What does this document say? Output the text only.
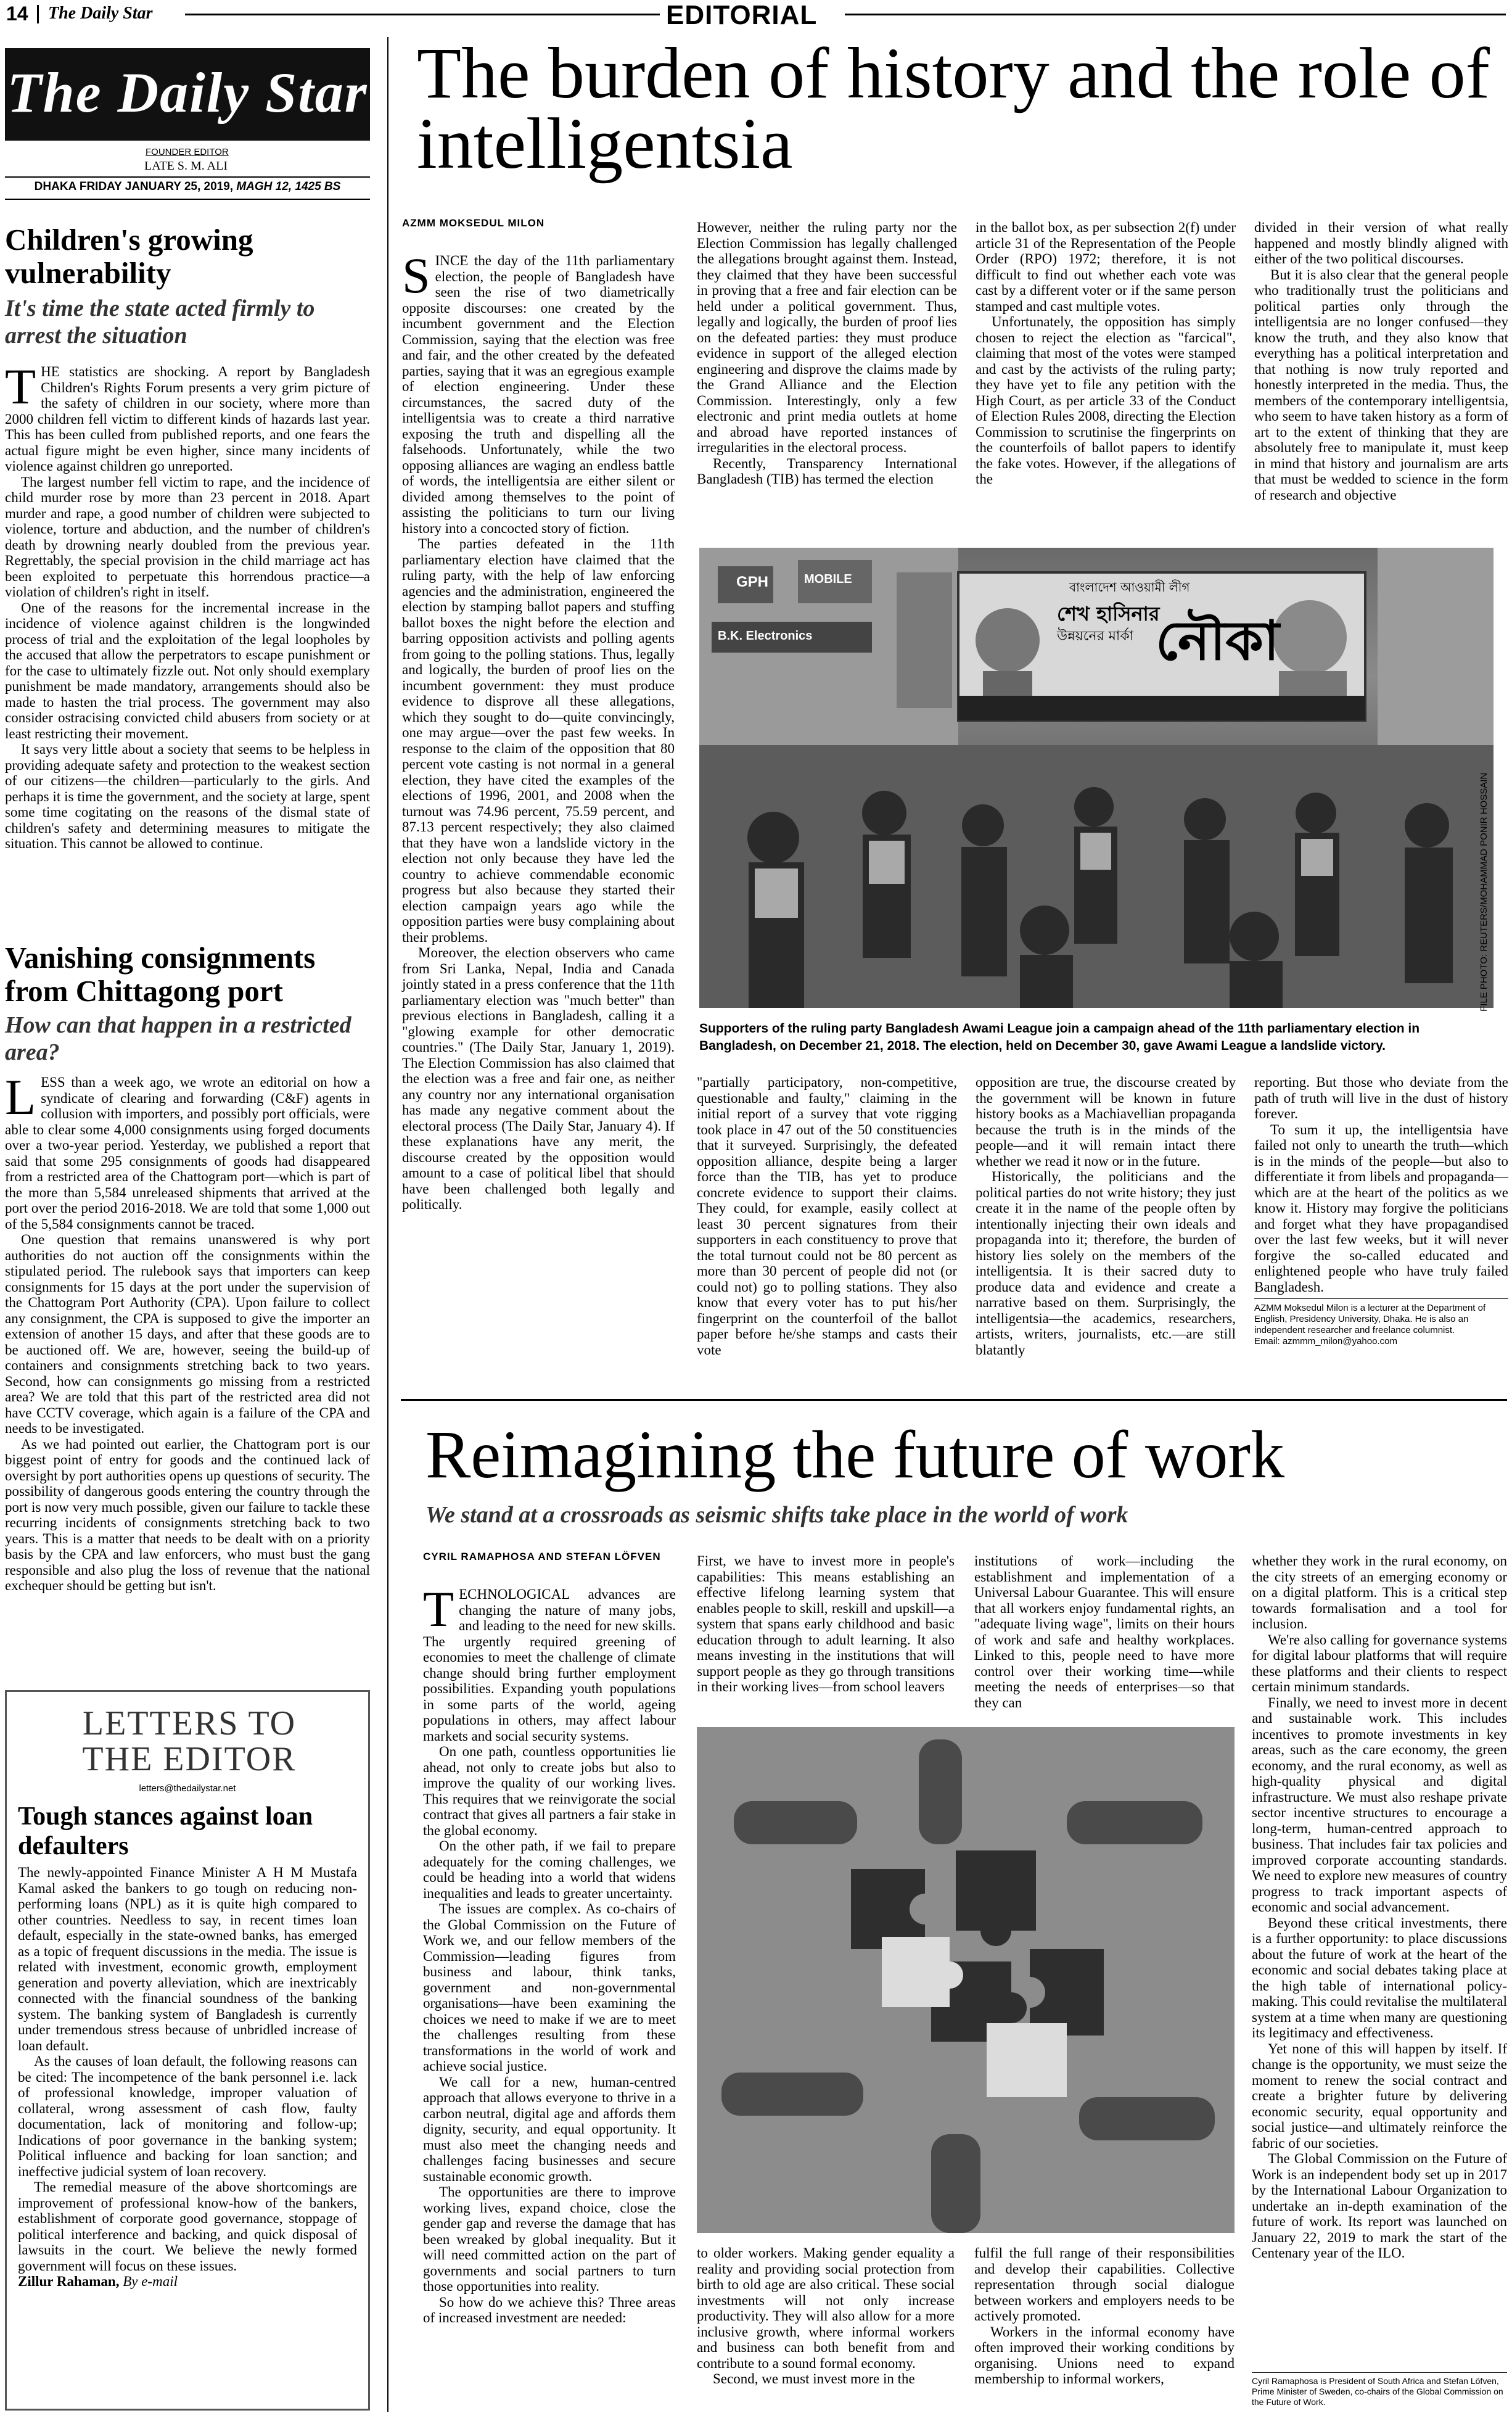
14 The Daily Star	EDITORIAL
The Daily Star
FOUNDER EDITOR
LATE S. M. ALI
DHAKA FRIDAY JANUARY 25, 2019, MAGH 12, 1425 BS
Children's growing vulnerability
It's time the state acted firmly to arrest the situation

THE statistics are shocking. A report by Bangladesh Children's Rights Forum presents a very grim picture of the safety of children in our society, where more than 2000 children fell victim to different kinds of hazards last year. This has been culled from published reports, and one fears the actual figure might be even higher, since many incidents of violence against children go unreported.

The largest number fell victim to rape, and the incidence of child murder rose by more than 23 percent in 2018. Apart murder and rape, a good number of children were subjected to violence, torture and abduction, and the number of children's death by drowning nearly doubled from the previous year. Regrettably, the special provision in the child marriage act has been exploited to perpetuate this horrendous practice—a violation of children's right in itself.

One of the reasons for the incremental increase in the incidence of violence against children is the longwinded process of trial and the exploitation of the legal loopholes by the accused that allow the perpetrators to escape punishment or for the case to ultimately fizzle out. Not only should exemplary punishment be made mandatory, arrangements should also be made to hasten the trial process. The government may also consider ostracising convicted child abusers from society or at least restricting their movement.

It says very little about a society that seems to be helpless in providing adequate safety and protection to the weakest section of our citizens—the children—particularly to the girls. And perhaps it is time the government, and the society at large, spent some time cogitating on the reasons of the dismal state of children's safety and determining measures to mitigate the situation. This cannot be allowed to continue.

Vanishing consignments from Chittagong port
How can that happen in a restricted area?

LESS than a week ago, we wrote an editorial on how a syndicate of clearing and forwarding (C&F) agents in collusion with importers, and possibly port officials, were able to clear some 4,000 consignments using forged documents over a two-year period. Yesterday, we published a report that said that some 295 consignments of goods had disappeared from a restricted area of the Chattogram port—which is part of the more than 5,584 unreleased shipments that arrived at the port over the period 2016-2018. We are told that some 1,000 out of the 5,584 consignments cannot be traced.

One question that remains unanswered is why port authorities do not auction off the consignments within the stipulated period. The rulebook says that importers can keep consignments for 15 days at the port under the supervision of the Chattogram Port Authority (CPA). Upon failure to collect any consignment, the CPA is supposed to give the importer an extension of another 15 days, and after that these goods are to be auctioned off. We are, however, seeing the build-up of containers and consignments stretching back to two years. Second, how can consignments go missing from a restricted area? We are told that this part of the restricted area did not have CCTV coverage, which again is a failure of the CPA and needs to be investigated.

As we had pointed out earlier, the Chattogram port is our biggest point of entry for goods and the continued lack of oversight by port authorities opens up questions of security. The possibility of dangerous goods entering the country through the port is now very much possible, given our failure to tackle these recurring incidents of consignments stretching back to two years. This is a matter that needs to be dealt with on a priority basis by the CPA and law enforcers, who must bust the gang responsible and also plug the loss of revenue that the national exchequer should be getting but isn't.

LETTERS TO THE EDITOR
letters@thedailystar.net
Tough stances against loan defaulters

The newly-appointed Finance Minister A H M Mustafa Kamal asked the bankers to go tough on reducing non-performing loans (NPL) as it is quite high compared to other countries. Needless to say, in recent times loan default, especially in the state-owned banks, has emerged as a topic of frequent discussions in the media. The issue is related with investment, economic growth, employment generation and poverty alleviation, which are inextricably connected with the financial soundness of the banking system. The banking system of Bangladesh is currently under tremendous stress because of unbridled increase of loan default.

As the causes of loan default, the following reasons can be cited: The incompetence of the bank personnel i.e. lack of professional knowledge, improper valuation of collateral, wrong assessment of cash flow, faulty documentation, lack of monitoring and follow-up; Indications of poor governance in the banking system; Political influence and backing for loan sanction; and ineffective judicial system of loan recovery.

The remedial measure of the above shortcomings are improvement of professional know-how of the bankers, establishment of corporate good governance, stoppage of political interference and backing, and quick disposal of lawsuits in the court. We believe the newly formed government will focus on these issues.

Zillur Rahaman, By e-mail

The burden of history and the role of intelligentsia
AZMM MOKSEDUL MILON

SINCE the day of the 11th parliamentary election, the people of Bangladesh have seen the rise of two diametrically opposite discourses: one created by the incumbent government and the Election Commission, saying that the election was free and fair, and the other created by the defeated parties, saying that it was an egregious example of election engineering. Under these circumstances, the sacred duty of the intelligentsia was to create a third narrative exposing the truth and dispelling all the falsehoods. Unfortunately, while the two opposing alliances are waging an endless battle of words, the intelligentsia are either silent or divided among themselves to the point of assisting the politicians to turn our living history into a concocted story of fiction.

The parties defeated in the 11th parliamentary election have claimed that the ruling party, with the help of law enforcing agencies and the administration, engineered the election by stamping ballot papers and stuffing ballot boxes the night before the election and barring opposition activists and polling agents from going to the polling stations. Thus, legally and logically, the burden of proof lies on the incumbent government: they must produce evidence to disprove all these allegations, which they sought to do—quite convincingly, one may argue—over the past few weeks. In response to the claim of the opposition that 80 percent vote casting is not normal in a general election, they have cited the examples of the elections of 1996, 2001, and 2008 when the turnout was 74.96 percent, 75.59 percent, and 87.13 percent respectively; they also claimed that they have won a landslide victory in the election not only because they have led the country to achieve commendable economic progress but also because they started their election campaign years ago while the opposition parties were busy complaining about their problems.

Moreover, the election observers who came from Sri Lanka, Nepal, India and Canada jointly stated in a press conference that the 11th parliamentary election was "much better" than previous elections in Bangladesh, calling it a "glowing example for other democratic countries." (The Daily Star, January 1, 2019). The Election Commission has also claimed that the election was a free and fair one, as neither any country nor any international organisation has made any negative comment about the electoral process (The Daily Star, January 4). If these explanations have any merit, the discourse created by the opposition would amount to a case of political libel that should have been challenged both legally and politically.

However, neither the ruling party nor the Election Commission has legally challenged the allegations brought against them. Instead, they claimed that they have been successful in proving that a free and fair election can be held under a political government. Thus, legally and logically, the burden of proof lies on the defeated parties: they must produce evidence in support of the alleged election engineering and disprove the claims made by the Grand Alliance and the Election Commission. Interestingly, only a few electronic and print media outlets at home and abroad have reported instances of irregularities in the electoral process.

Recently, Transparency International Bangladesh (TIB) has termed the election

in the ballot box, as per subsection 2(f) under article 31 of the Representation of the People Order (RPO) 1972; therefore, it is not difficult to find out whether each vote was cast by a different voter or if the same person stamped and cast multiple votes.

Unfortunately, the opposition has simply chosen to reject the election as "farcical", claiming that most of the votes were stamped and cast by the activists of the ruling party; they have yet to file any petition with the High Court, as per article 33 of the Conduct of Election Rules 2008, directing the Election Commission to scrutinise the fingerprints on the counterfoils of ballot papers to identify the fake votes. However, if the allegations of the

divided in their version of what really happened and mostly blindly aligned with either of the two political discourses.

But it is also clear that the general people who traditionally trust the politicians and political parties only through the intelligentsia are no longer confused—they know the truth, and they also know that everything has a political interpretation and that nothing is now truly reported and honestly interpreted in the media. Thus, the members of the contemporary intelligentsia, who seem to have taken history as a form of art to the extent of thinking that they are absolutely free to manipulate it, must keep in mind that history and journalism are arts that must be wedded to science in the form of research and objective

GPH
B.K. Electronics
MOBILE
বাংলাদেশ আওয়ামী লীগ
শেখ হাসিনার
উন্নয়নের মার্কা নৌকা
FILE PHOTO: REUTERS/MOHAMMAD PONIR HOSSAIN
Supporters of the ruling party Bangladesh Awami League join a campaign ahead of the 11th parliamentary election in Bangladesh, on December 21, 2018. The election, held on December 30, gave Awami League a landslide victory.

"partially participatory, non-competitive, questionable and faulty," claiming in the initial report of a survey that vote rigging took place in 47 out of the 50 constituencies that it surveyed. Surprisingly, the defeated opposition alliance, despite being a larger force than the TIB, has yet to produce concrete evidence to support their claims. They could, for example, easily collect at least 30 percent signatures from their supporters in each constituency to prove that the total turnout could not be 80 percent as more than 30 percent of people did not (or could not) go to polling stations. They also know that every voter has to put his/her fingerprint on the counterfoil of the ballot paper before he/she stamps and casts their vote

opposition are true, the discourse created by the government will be known in future history books as a Machiavellian propaganda because the truth is in the minds of the people—and it will remain intact there whether we read it now or in the future.

Historically, the politicians and the political parties do not write history; they just create it in the name of the people often by intentionally injecting their own ideals and propaganda into it; therefore, the burden of history lies solely on the members of the intelligentsia. It is their sacred duty to produce data and evidence and create a narrative based on them. Surprisingly, the intelligentsia—the academics, researchers, artists, writers, journalists, etc.—are still blatantly

reporting. But those who deviate from the path of truth will live in the dust of history forever.

To sum it up, the intelligentsia have failed not only to unearth the truth—which is in the minds of the people—but also to differentiate it from libels and propaganda—which are at the heart of the politics as we know it. History may forgive the politicians and forget what they have propagandised over the last few weeks, but it will never forgive the so-called educated and enlightened people who have truly failed Bangladesh.

AZMM Moksedul Milon is a lecturer at the Department of English, Presidency University, Dhaka. He is also an independent researcher and freelance columnist.
Email: azmmm_milon@yahoo.com
Reimagining the future of work
We stand at a crossroads as seismic shifts take place in the world of work
CYRIL RAMAPHOSA AND STEFAN LÖFVEN

TECHNOLOGICAL advances are changing the nature of many jobs, and leading to the need for new skills. The urgently required greening of economies to meet the challenge of climate change should bring further employment possibilities. Expanding youth populations in some parts of the world, ageing populations in others, may affect labour markets and social security systems.

On one path, countless opportunities lie ahead, not only to create jobs but also to improve the quality of our working lives. This requires that we reinvigorate the social contract that gives all partners a fair stake in the global economy.

On the other path, if we fail to prepare adequately for the coming challenges, we could be heading into a world that widens inequalities and leads to greater uncertainty.

The issues are complex. As co-chairs of the Global Commission on the Future of Work we, and our fellow members of the Commission—leading figures from business and labour, think tanks, government and non-governmental organisations—have been examining the choices we need to make if we are to meet the challenges resulting from these transformations in the world of work and achieve social justice.

We call for a new, human-centred approach that allows everyone to thrive in a carbon neutral, digital age and affords them dignity, security, and equal opportunity. It must also meet the changing needs and challenges facing businesses and secure sustainable economic growth.

The opportunities are there to improve working lives, expand choice, close the gender gap and reverse the damage that has been wreaked by global inequality. But it will need committed action on the part of governments and social partners to turn those opportunities into reality.

So how do we achieve this? Three areas of increased investment are needed:

First, we have to invest more in people's capabilities: This means establishing an effective lifelong learning system that enables people to skill, reskill and upskill—a system that spans early childhood and basic education through to adult learning. It also means investing in the institutions that will support people as they go through transitions in their working lives—from school leavers

institutions of work—including the establishment and implementation of a Universal Labour Guarantee. This will ensure that all workers enjoy fundamental rights, an "adequate living wage", limits on their hours of work and safe and healthy workplaces. Linked to this, people need to have more control over their working time—while meeting the needs of enterprises—so that they can

to older workers. Making gender equality a reality and providing social protection from birth to old age are also critical. These social investments will not only increase productivity. They will also allow for a more inclusive growth, where informal workers and business can both benefit from and contribute to a sound formal economy.

Second, we must invest more in the

fulfil the full range of their responsibilities and develop their capabilities. Collective representation through social dialogue between workers and employers needs to be actively promoted.

Workers in the informal economy have often improved their working conditions by organising. Unions need to expand membership to informal workers,

whether they work in the rural economy, on the city streets of an emerging economy or on a digital platform. This is a critical step towards formalisation and a tool for inclusion.

We're also calling for governance systems for digital labour platforms that will require these platforms and their clients to respect certain minimum standards.

Finally, we need to invest more in decent and sustainable work. This includes incentives to promote investments in key areas, such as the care economy, the green economy, and the rural economy, as well as high-quality physical and digital infrastructure. We must also reshape private sector incentive structures to encourage a long-term, human-centred approach to business. That includes fair tax policies and improved corporate accounting standards. We need to explore new measures of country progress to track important aspects of economic and social advancement.

Beyond these critical investments, there is a further opportunity: to place discussions about the future of work at the heart of the economic and social debates taking place at the high table of international policy-making. This could revitalise the multilateral system at a time when many are questioning its legitimacy and effectiveness.

Yet none of this will happen by itself. If change is the opportunity, we must seize the moment to renew the social contract and create a brighter future by delivering economic security, equal opportunity and social justice—and ultimately reinforce the fabric of our societies.

The Global Commission on the Future of Work is an independent body set up in 2017 by the International Labour Organization to undertake an in-depth examination of the future of work. Its report was launched on January 22, 2019 to mark the start of the Centenary year of the ILO.

Cyril Ramaphosa is President of South Africa and Stefan Löfven, Prime Minister of Sweden, co-chairs of the Global Commission on the Future of Work.
